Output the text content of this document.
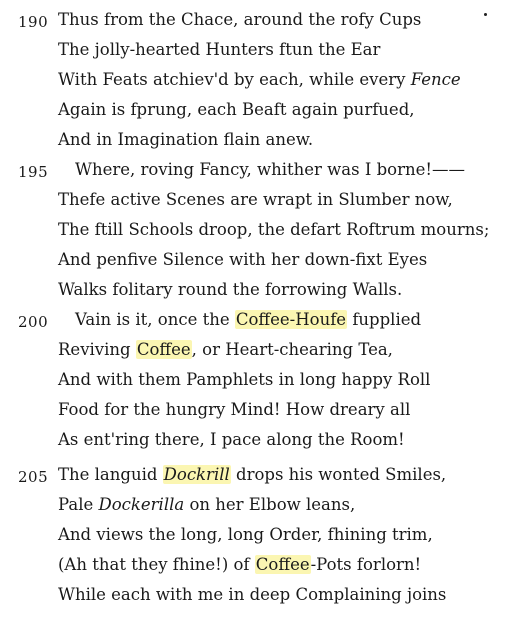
190 Thus from the Chace, around the rofy Cups
The jolly-hearted Hunters ftun the Ear
With Feats atchiev'd by each, while every Fence
Again is fprung, each Beaft again purfued,
And in Imagination flain anew.
195 Where, roving Fancy, whither was I borne!——
Thefe active Scenes are wrapt in Slumber now,
The ftill Schools droop, the defart Roftrum mourns;
And penfive Silence with her down-fixt Eyes
Walks folitary round the forrowing Walls.
200 Vain is it, once the Coffee-Houfe fupplied
Reviving Coffee, or Heart-chearing Tea,
And with them Pamphlets in long happy Roll
Food for the hungry Mind! How dreary all
As ent'ring there, I pace along the Room!
205 The languid Dockrill drops his wonted Smiles,
Pale Dockerilla on her Elbow leans,
And views the long, long Order, fhining trim,
(Ah that they fhine!) of Coffee-Pots forlorn!
While each with me in deep Complaining joins
